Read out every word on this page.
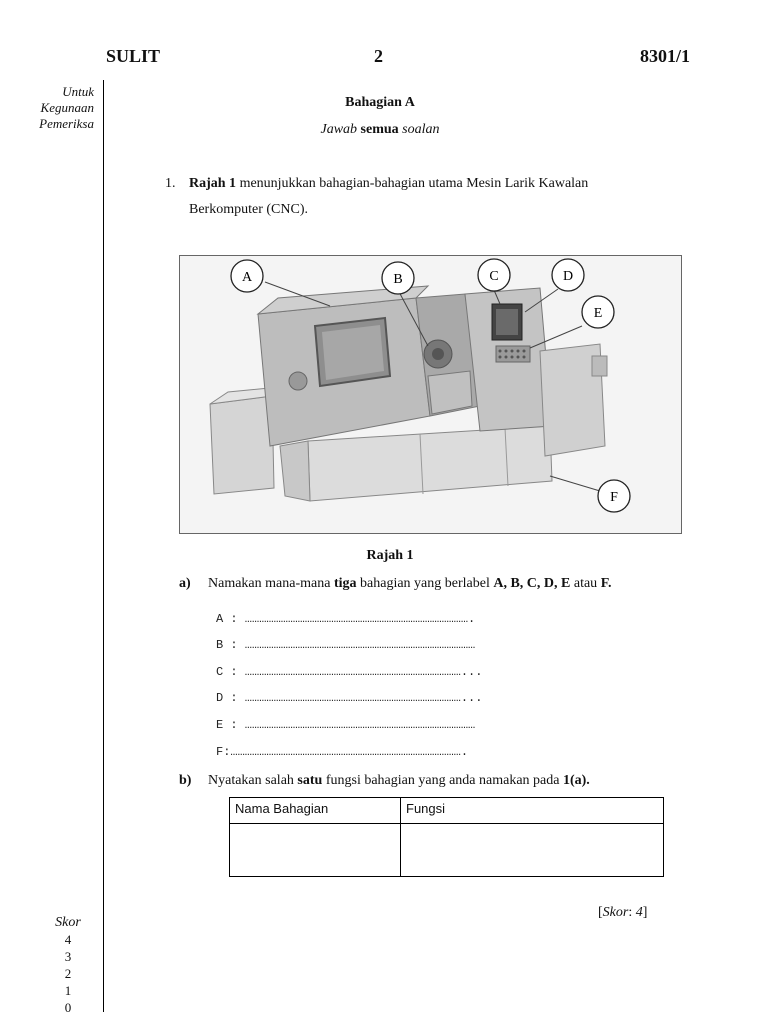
SULIT	2	8301/1
Untuk
Kegunaan
Pemeriksa
Bahagian A
Jawab semua soalan
1. Rajah 1 menunjukkan bahagian-bahagian utama Mesin Larik Kawalan
Berkomputer (CNC).
A	B	C	D
E
F
Rajah 1
a) Namakan mana-mana tiga bahagian yang berlabel A, B, C, D, E atau F.
A : ………………………………………………………………………………….
B : ……………………………………………………………………………………
C : ………………………………………………………………………………...
D : ………………………………………………………………………………...
E : ……………………………………………………………………………………
F:…………………………………………………………………………………….
b) Nyatakan salah satu fungsi bahagian yang anda namakan pada 1(a).
Nama Bahagian	Fungsi

[Skor: 4]
Skor
4
3
2
1
0
